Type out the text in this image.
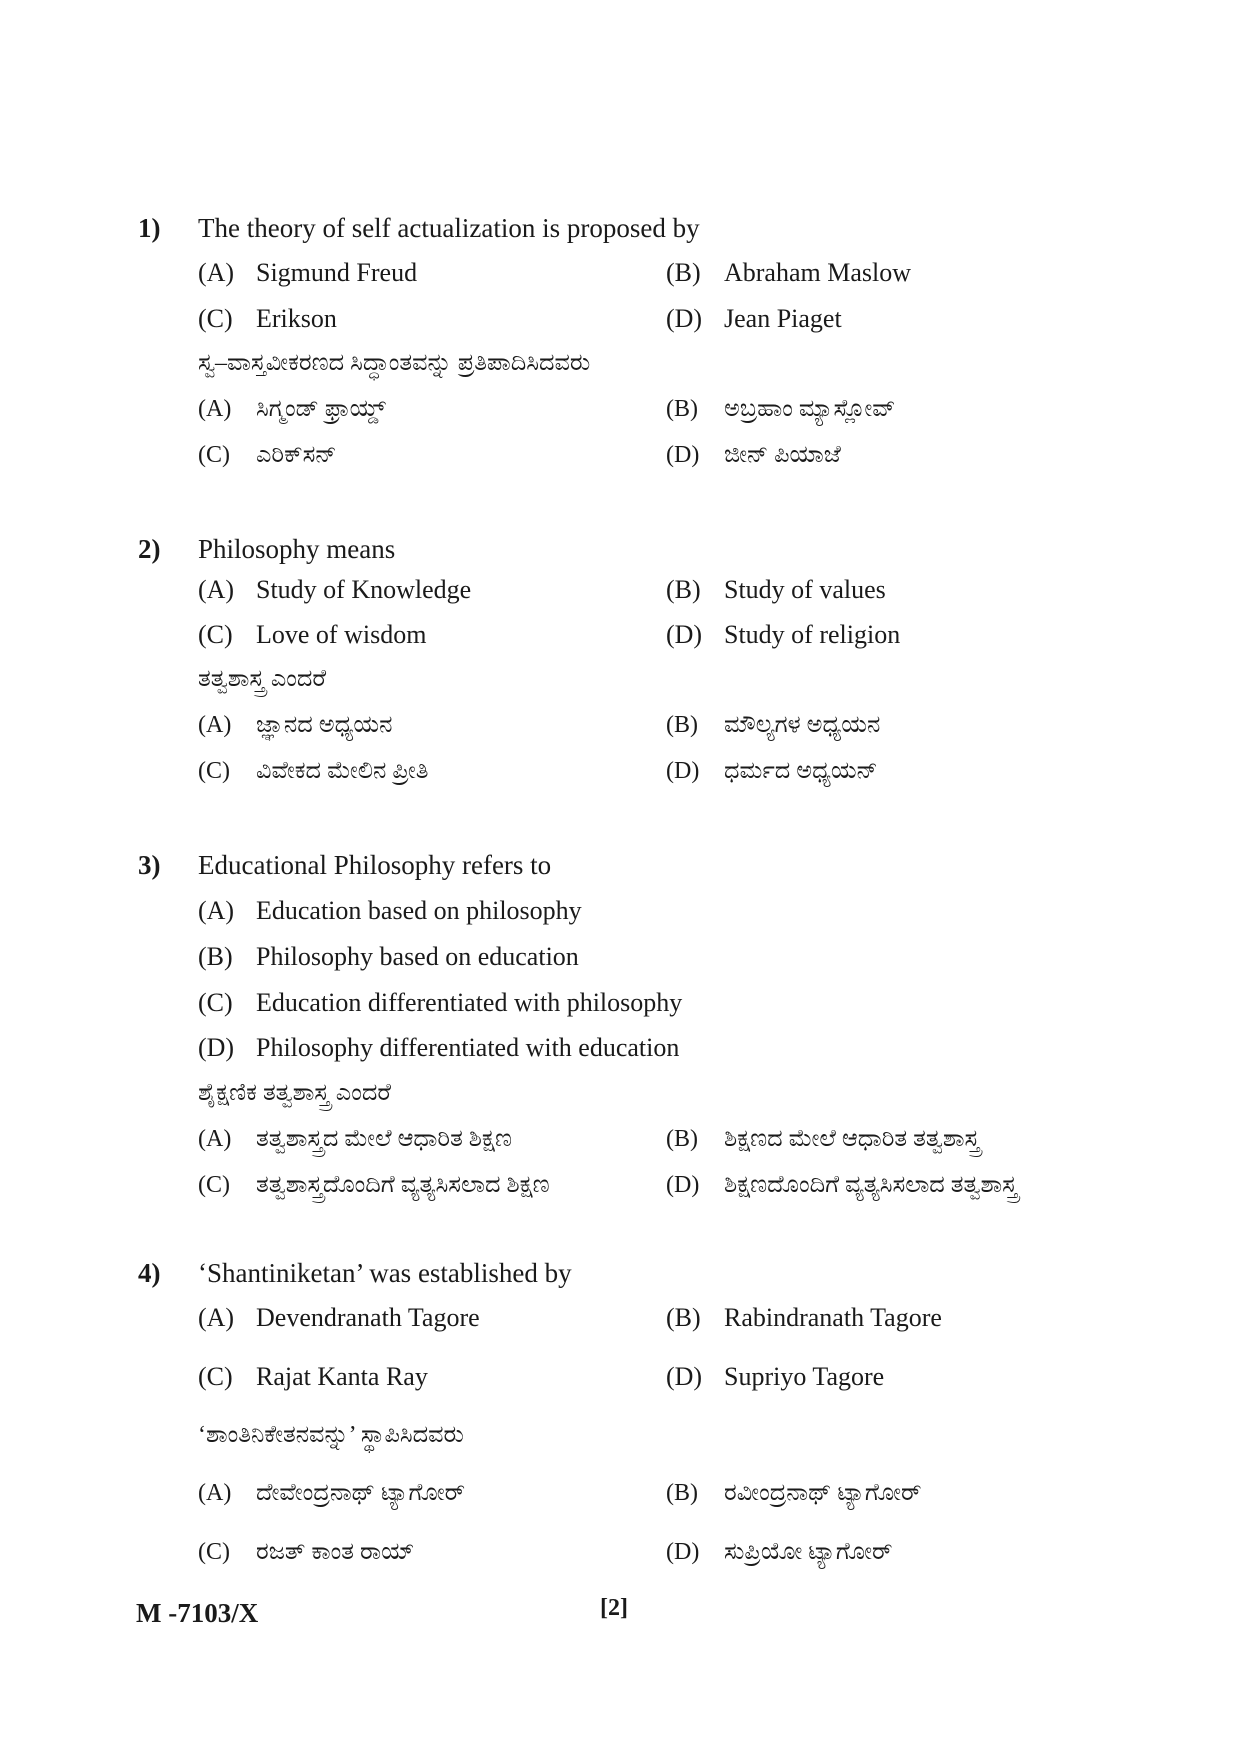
1) The theory of self actualization is proposed by
(A) Sigmund Freud	(B) Abraham Maslow
(C) Erikson	(D) Jean Piaget
ಸ್ವ–ವಾಸ್ತವೀಕರಣದ ಸಿದ್ಧಾಂತವನ್ನು ಪ್ರತಿಪಾದಿಸಿದವರು
(A) ಸಿಗ್ಮಂಡ್ ಫ್ರಾಯ್ಡ್	(B) ಅಬ್ರಹಾಂ ಮ್ಯಾಸ್ಲೋವ್
(C) ಎರಿಕ್‌ಸನ್	(D) ಜೀನ್ ಪಿಯಾಜೆ
2) Philosophy means
(A) Study of Knowledge	(B) Study of values
(C) Love of wisdom	(D) Study of religion
ತತ್ವಶಾಸ್ತ್ರ ಎಂದರೆ
(A) ಜ್ಞಾನದ ಅಧ್ಯಯನ	(B) ಮೌಲ್ಯಗಳ ಅಧ್ಯಯನ
(C) ವಿವೇಕದ ಮೇಲಿನ ಪ್ರೀತಿ	(D) ಧರ್ಮದ ಅಧ್ಯಯನ್
3) Educational Philosophy refers to
(A) Education based on philosophy
(B) Philosophy based on education
(C) Education differentiated with philosophy
(D) Philosophy differentiated with education
ಶೈಕ್ಷಣಿಕ ತತ್ವಶಾಸ್ತ್ರ ಎಂದರೆ
(A) ತತ್ವಶಾಸ್ತ್ರದ ಮೇಲೆ ಆಧಾರಿತ ಶಿಕ್ಷಣ	(B) ಶಿಕ್ಷಣದ ಮೇಲೆ ಆಧಾರಿತ ತತ್ವಶಾಸ್ತ್ರ
(C) ತತ್ವಶಾಸ್ತ್ರದೊಂದಿಗೆ ವ್ಯತ್ಯಸಿಸಲಾದ ಶಿಕ್ಷಣ	(D) ಶಿಕ್ಷಣದೊಂದಿಗೆ ವ್ಯತ್ಯಸಿಸಲಾದ ತತ್ವಶಾಸ್ತ್ರ
4) ‘Shantiniketan’ was established by
(A) Devendranath Tagore	(B) Rabindranath Tagore
(C) Rajat Kanta Ray	(D) Supriyo Tagore
‘ಶಾಂತಿನಿಕೇತನವನ್ನು’ ಸ್ಥಾಪಿಸಿದವರು
(A) ದೇವೇಂದ್ರನಾಥ್ ಟ್ಯಾಗೋರ್	(B) ರವೀಂದ್ರನಾಥ್ ಟ್ಯಾಗೋರ್
(C) ರಜತ್ ಕಾಂತ ರಾಯ್	(D) ಸುಪ್ರಿಯೋ ಟ್ಯಾಗೋರ್
M -7103/X	[2]
